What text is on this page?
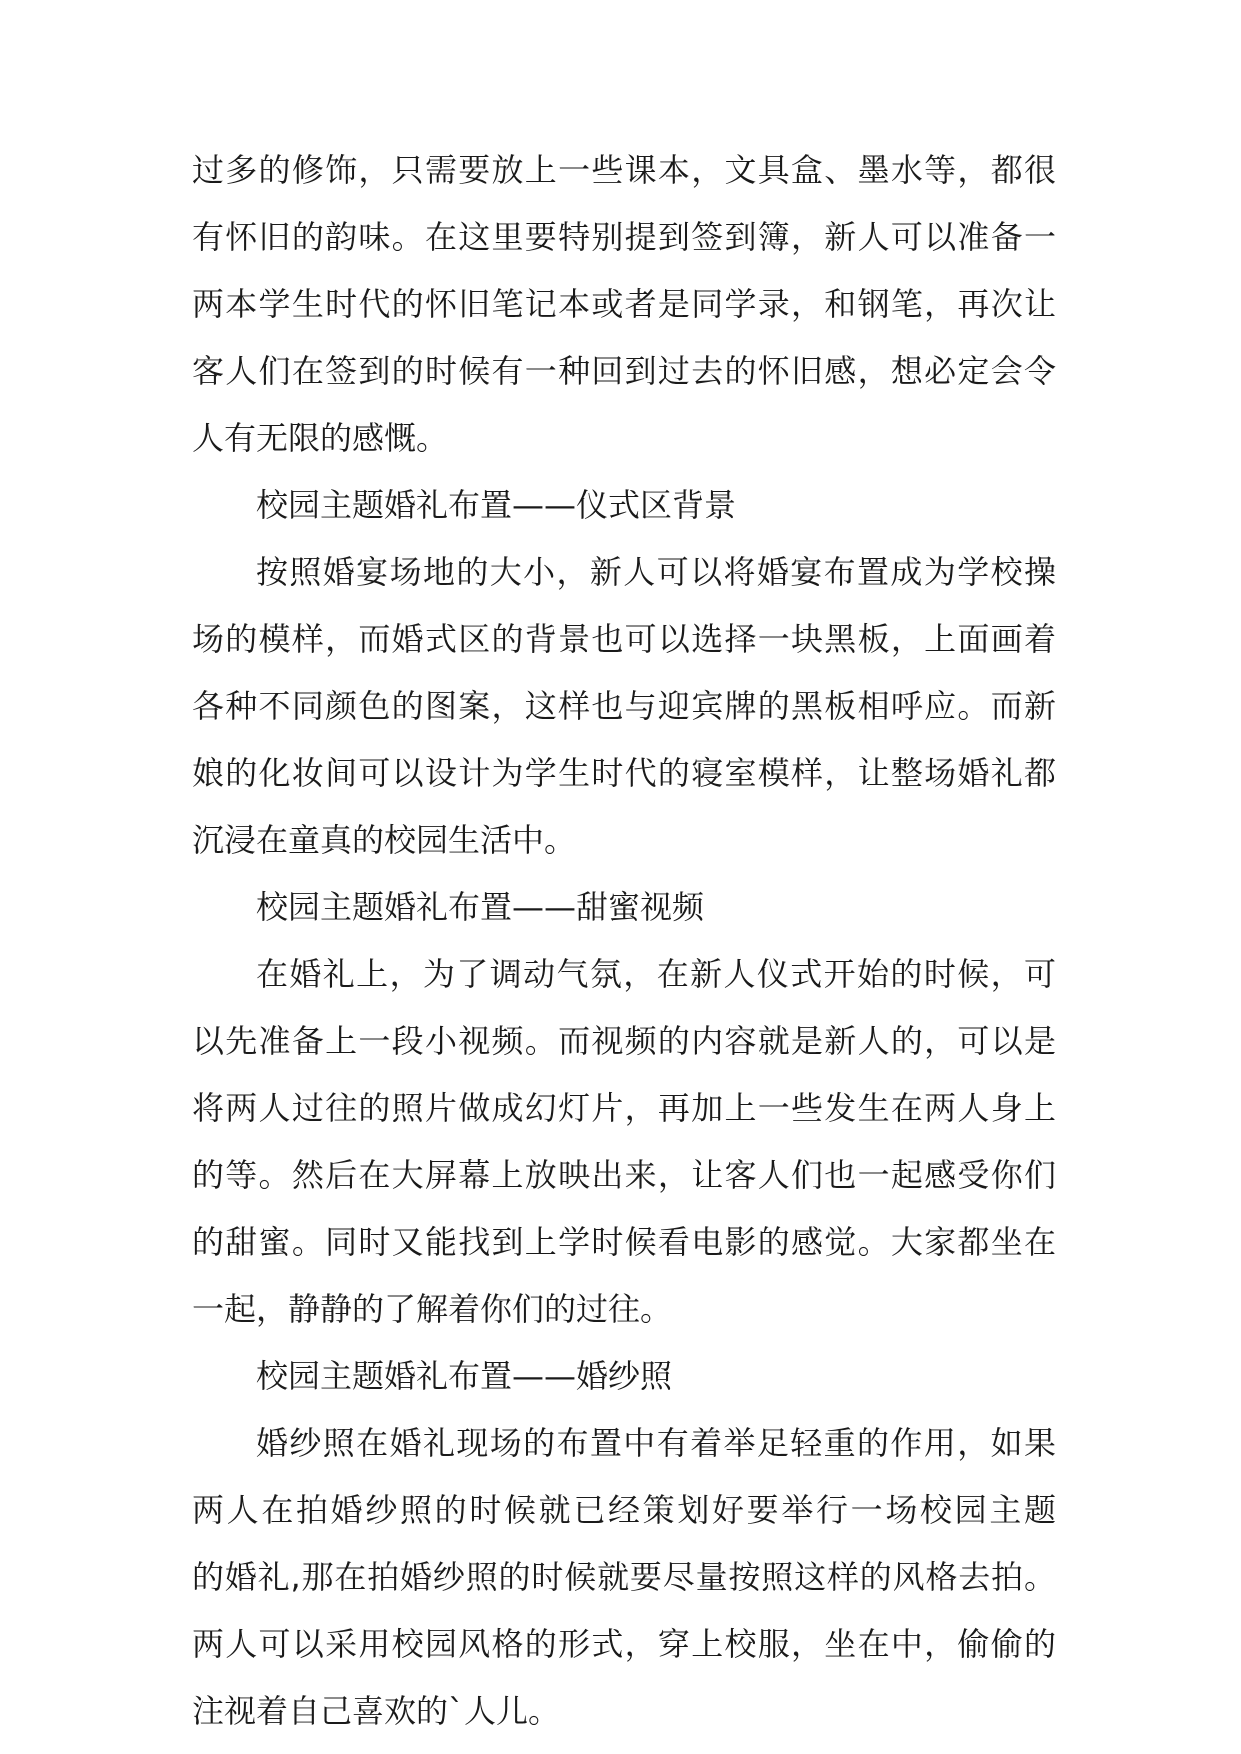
过多的修饰，只需要放上一些课本，文具盒、墨水等，都很
有怀旧的韵味。在这里要特别提到签到簿，新人可以准备一
两本学生时代的怀旧笔记本或者是同学录，和钢笔，再次让
客人们在签到的时候有一种回到过去的怀旧感，想必定会令
人有无限的感慨。
校园主题婚礼布置——仪式区背景
按照婚宴场地的大小，新人可以将婚宴布置成为学校操
场的模样，而婚式区的背景也可以选择一块黑板，上面画着
各种不同颜色的图案，这样也与迎宾牌的黑板相呼应。而新
娘的化妆间可以设计为学生时代的寝室模样，让整场婚礼都
沉浸在童真的校园生活中。
校园主题婚礼布置——甜蜜视频
在婚礼上，为了调动气氛，在新人仪式开始的时候，可
以先准备上一段小视频。而视频的内容就是新人的，可以是
将两人过往的照片做成幻灯片，再加上一些发生在两人身上
的等。然后在大屏幕上放映出来，让客人们也一起感受你们
的甜蜜。同时又能找到上学时候看电影的感觉。大家都坐在
一起，静静的了解着你们的过往。
校园主题婚礼布置——婚纱照
婚纱照在婚礼现场的布置中有着举足轻重的作用，如果
两人在拍婚纱照的时候就已经策划好要举行一场校园主题
的婚礼,那在拍婚纱照的时候就要尽量按照这样的风格去拍。
两人可以采用校园风格的形式，穿上校服，坐在中，偷偷的
注视着自己喜欢的`人儿。
